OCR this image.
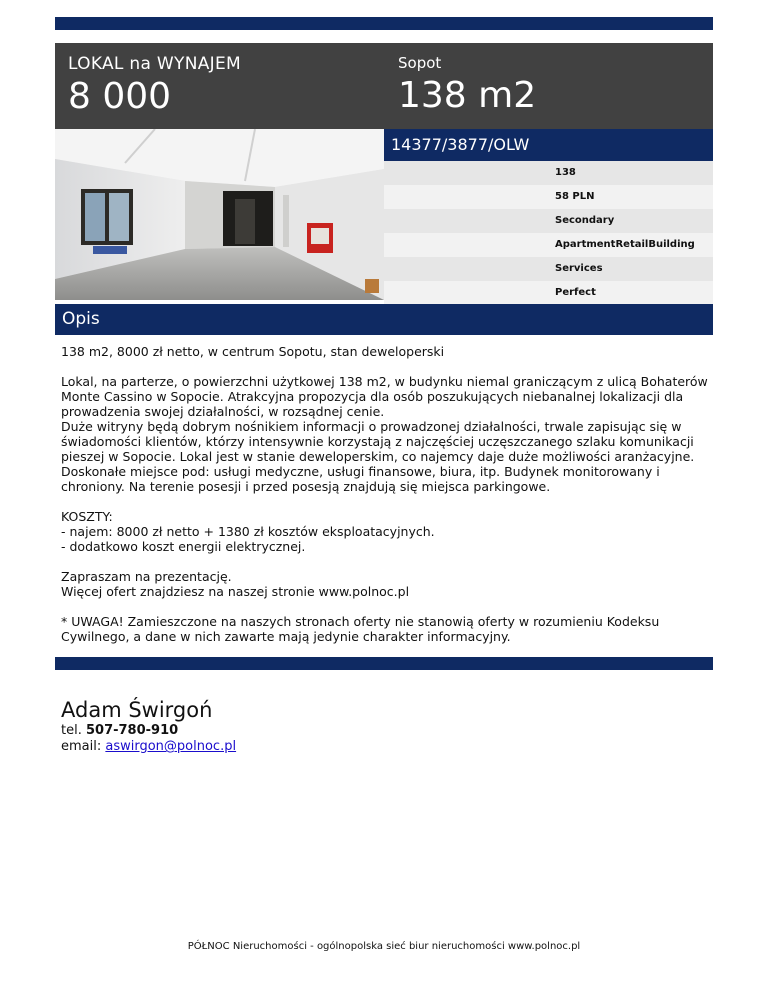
LOKAL na WYNAJEM
8 000
Sopot
138 m2
14377/3877/OLW
138
58 PLN
Secondary
ApartmentRetailBuilding
Services
Perfect
Opis

138 m2, 8000 zł netto, w centrum Sopotu, stan deweloperski

Lokal, na parterze, o powierzchni użytkowej 138 m2, w budynku niemal graniczącym z ulicą Bohaterów Monte Cassino w Sopocie. Atrakcyjna propozycja dla osób poszukujących niebanalnej lokalizacji dla prowadzenia swojej działalności, w rozsądnej cenie.
Duże witryny będą dobrym nośnikiem informacji o prowadzonej działalności, trwale zapisując się w świadomości klientów, którzy intensywnie korzystają z najczęściej uczęszczanego szlaku komunikacji pieszej w Sopocie. Lokal jest w stanie deweloperskim, co najemcy daje duże możliwości aranżacyjne. Doskonałe miejsce pod: usługi medyczne, usługi finansowe, biura, itp. Budynek monitorowany i chroniony. Na terenie posesji i przed posesją znajdują się miejsca parkingowe.

KOSZTY:
- najem: 8000 zł netto + 1380 zł kosztów eksploatacyjnych.
- dodatkowo koszt energii elektrycznej.

Zapraszam na prezentację.
Więcej ofert znajdziesz na naszej stronie www.polnoc.pl

* UWAGA! Zamieszczone na naszych stronach oferty nie stanowią oferty w rozumieniu Kodeksu Cywilnego, a dane w nich zawarte mają jedynie charakter informacyjny.

Adam Świrgoń
tel. 507-780-910
email: aswirgon@polnoc.pl
PÓŁNOC Nieruchomości - ogólnopolska sieć biur nieruchomości www.polnoc.pl
